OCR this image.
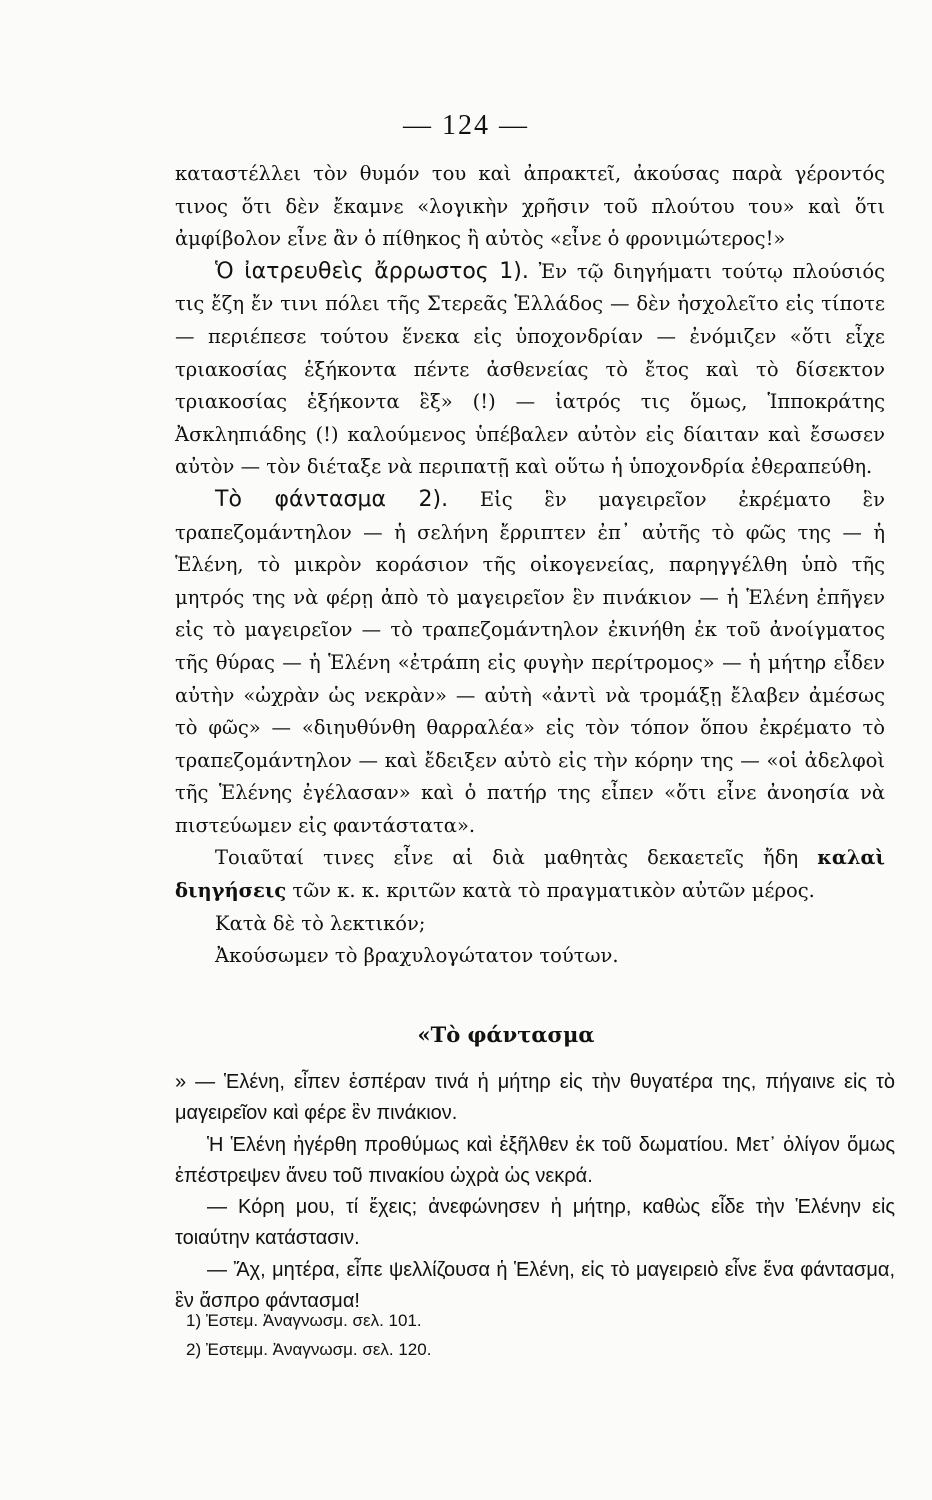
— 124 —

καταστέλλει τὸν θυμόν του καὶ ἀπρακτεῖ, ἀκούσας παρὰ γέροντός τινος ὅτι δὲν ἔκαμνε «λογικὴν χρῆσιν τοῦ πλούτου του» καὶ ὅτι ἀμφίβολον εἶνε ἂν ὁ πίθηκος ἢ αὐτὸς «εἶνε ὁ φρονιμώτερος!»

Ὁ ἰατρευθεὶς ἄρρωστος 1). Ἐν τῷ διηγήματι τούτῳ πλούσιός τις ἔζη ἔν τινι πόλει τῆς Στερεᾶς Ἑλλάδος — δὲν ἠσχολεῖτο εἰς τίποτε — περιέπεσε τούτου ἕνεκα εἰς ὑποχονδρίαν — ἐνόμιζεν «ὅτι εἶχε τριακοσίας ἑξήκοντα πέντε ἀσθενείας τὸ ἔτος καὶ τὸ δίσεκτον τριακοσίας ἑξήκοντα ἓξ» (!) — ἰατρός τις ὅμως, Ἱπποκράτης Ἀσκληπιάδης (!) καλούμενος ὑπέβαλεν αὐτὸν εἰς δίαιταν καὶ ἔσωσεν αὐτὸν — τὸν διέταξε νὰ περιπατῇ καὶ οὕτω ἡ ὑποχονδρία ἐθεραπεύθη.

Τὸ φάντασμα 2). Εἰς ἓν μαγειρεῖον ἐκρέματο ἓν τραπεζομάντηλον — ἡ σελήνη ἔρριπτεν ἐπ᾽ αὐτῆς τὸ φῶς της — ἡ Ἑλένη, τὸ μικρὸν κοράσιον τῆς οἰκογενείας, παρηγγέλθη ὑπὸ τῆς μητρός της νὰ φέρῃ ἀπὸ τὸ μαγειρεῖον ἓν πινάκιον — ἡ Ἑλένη ἐπῆγεν εἰς τὸ μαγειρεῖον — τὸ τραπεζομάντηλον ἐκινήθη ἐκ τοῦ ἀνοίγματος τῆς θύρας — ἡ Ἑλένη «ἐτράπη εἰς φυγὴν περίτρομος» — ἡ μήτηρ εἶδεν αὐτὴν «ὠχρὰν ὡς νεκρὰν» — αὐτὴ «ἀντὶ νὰ τρομάξῃ ἔλαβεν ἀμέσως τὸ φῶς» — «διηυθύνθη θαρραλέα» εἰς τὸν τόπον ὅπου ἐκρέματο τὸ τραπεζομάντηλον — καὶ ἔδειξεν αὐτὸ εἰς τὴν κόρην της — «οἱ ἀδελφοὶ τῆς Ἑλένης ἐγέλασαν» καὶ ὁ πατήρ της εἶπεν «ὅτι εἶνε ἀνοησία νὰ πιστεύωμεν εἰς φαντάστατα».

Τοιαῦταί τινες εἶνε αἱ διὰ μαθητὰς δεκαετεῖς ἤδη καλαὶ διηγήσεις τῶν κ. κ. κριτῶν κατὰ τὸ πραγματικὸν αὐτῶν μέρος.

Κατὰ δὲ τὸ λεκτικόν;

Ἀκούσωμεν τὸ βραχυλογώτατον τούτων.

«Τὸ φάντασμα

» — Ἑλένη, εἶπεν ἑσπέραν τινά ἡ μήτηρ εἰς τὴν θυγατέρα της, πήγαινε εἰς τὸ μαγειρεῖον καὶ φέρε ἓν πινάκιον.

Ἡ Ἑλένη ἠγέρθη προθύμως καὶ ἐξῆλθεν ἐκ τοῦ δωματίου. Μετ᾽ ὀλίγον ὅμως ἐπέστρεψεν ἄνευ τοῦ πινακίου ὠχρὰ ὡς νεκρά.

— Κόρη μου, τί ἔχεις; ἀνεφώνησεν ἡ μήτηρ, καθὼς εἶδε τὴν Ἑλένην εἰς τοιαύτην κατάστασιν.

— Ἄχ, μητέρα, εἶπε ψελλίζουσα ἡ Ἑλένη, εἰς τὸ μαγειρειὸ εἶνε ἕνα φάντασμα, ἓν ἄσπρο φάντασμα!

1) Ἐστεμ. Ἀναγνωσμ. σελ. 101.
2) Ἐστεμμ. Ἀναγνωσμ. σελ. 120.
